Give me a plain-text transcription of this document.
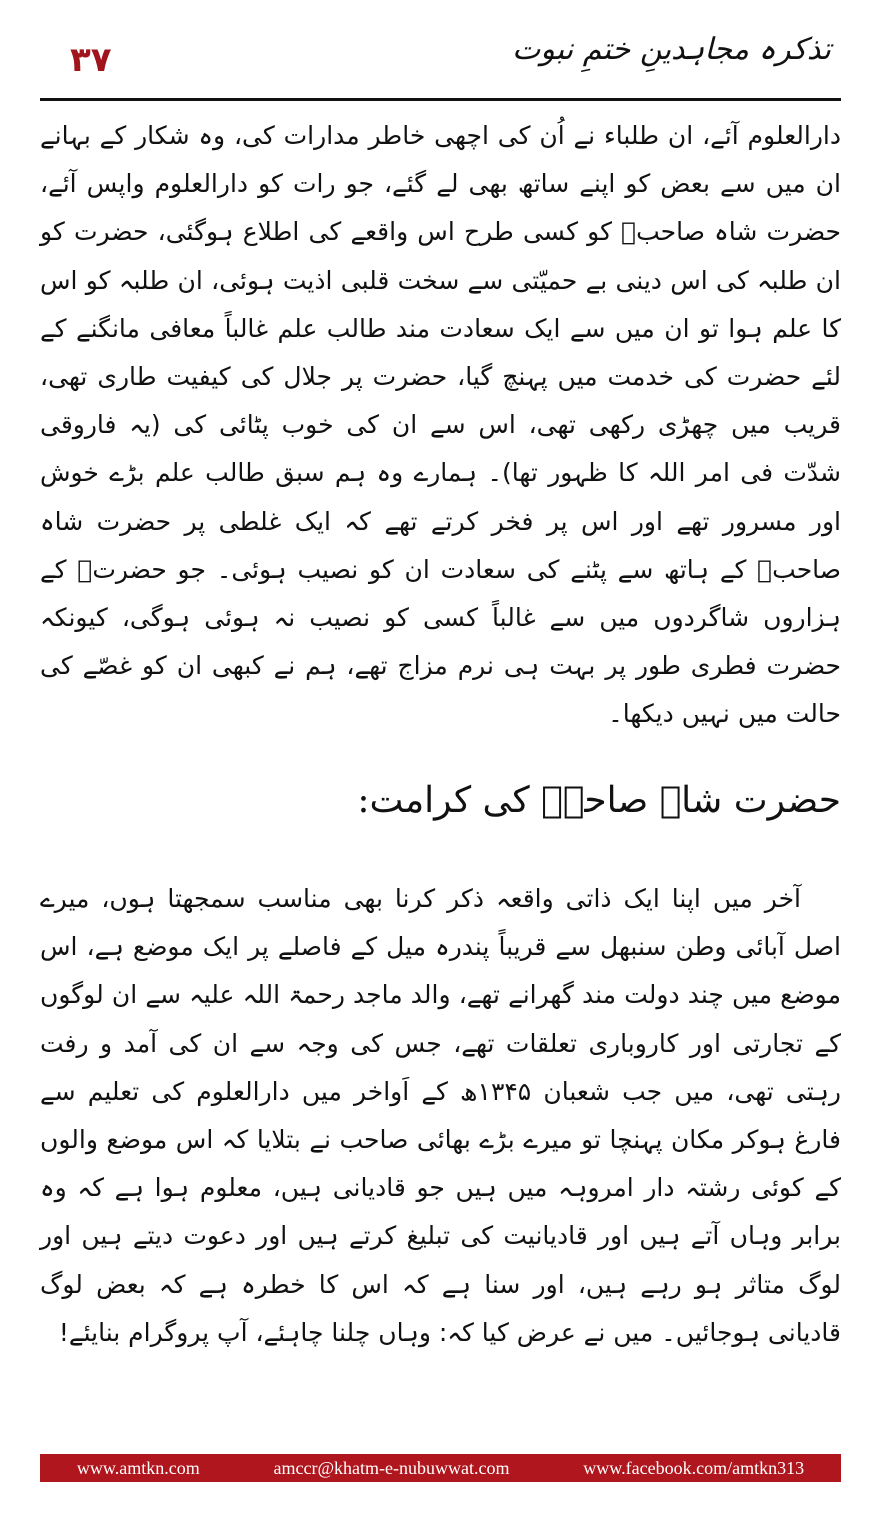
۳۷	تذکرہ مجاہدینِ ختمِ نبوت

دارالعلوم آئے، ان طلباء نے اُن کی اچھی خاطر مدارات کی، وہ شکار کے بہانے ان میں سے بعض کو اپنے ساتھ بھی لے گئے، جو رات کو دارالعلوم واپس آئے، حضرت شاہ صاحبؒ کو کسی طرح اس واقعے کی اطلاع ہوگئی، حضرت کو ان طلبہ کی اس دینی بے حمیّتی سے سخت قلبی اذیت ہوئی، ان طلبہ کو اس کا علم ہوا تو ان میں سے ایک سعادت مند طالب علم غالباً معافی مانگنے کے لئے حضرت کی خدمت میں پہنچ گیا، حضرت پر جلال کی کیفیت طاری تھی، قریب میں چھڑی رکھی تھی، اس سے ان کی خوب پٹائی کی (یہ فاروقی شدّت فی امر اللہ کا ظہور تھا)۔ ہمارے وہ ہم سبق طالب علم بڑے خوش اور مسرور تھے اور اس پر فخر کرتے تھے کہ ایک غلطی پر حضرت شاہ صاحبؒ کے ہاتھ سے پٹنے کی سعادت ان کو نصیب ہوئی۔ جو حضرتؒ کے ہزاروں شاگردوں میں سے غالباً کسی کو نصیب نہ ہوئی ہوگی، کیونکہ حضرت فطری طور پر بہت ہی نرم مزاج تھے، ہم نے کبھی ان کو غصّے کی حالت میں نہیں دیکھا۔

حضرت شاہ صاحبؒ کی کرامت:

آخر میں اپنا ایک ذاتی واقعہ ذکر کرنا بھی مناسب سمجھتا ہوں، میرے اصل آبائی وطن سنبھل سے قریباً پندرہ میل کے فاصلے پر ایک موضع ہے، اس موضع میں چند دولت مند گھرانے تھے، والد ماجد رحمۃ اللہ علیہ سے ان لوگوں کے تجارتی اور کاروباری تعلقات تھے، جس کی وجہ سے ان کی آمد و رفت رہتی تھی، میں جب شعبان ۱۳۴۵ھ کے اَواخر میں دارالعلوم کی تعلیم سے فارغ ہوکر مکان پہنچا تو میرے بڑے بھائی صاحب نے بتلایا کہ اس موضع والوں کے کوئی رشتہ دار امروہہ میں ہیں جو قادیانی ہیں، معلوم ہوا ہے کہ وہ برابر وہاں آتے ہیں اور قادیانیت کی تبلیغ کرتے ہیں اور دعوت دیتے ہیں اور لوگ متاثر ہو رہے ہیں، اور سنا ہے کہ اس کا خطرہ ہے کہ بعض لوگ قادیانی ہوجائیں۔ میں نے عرض کیا کہ: وہاں چلنا چاہئے، آپ پروگرام بنایئے!

www.amtkn.com	amccr@khatm-e-nubuwwat.com	www.facebook.com/amtkn313
